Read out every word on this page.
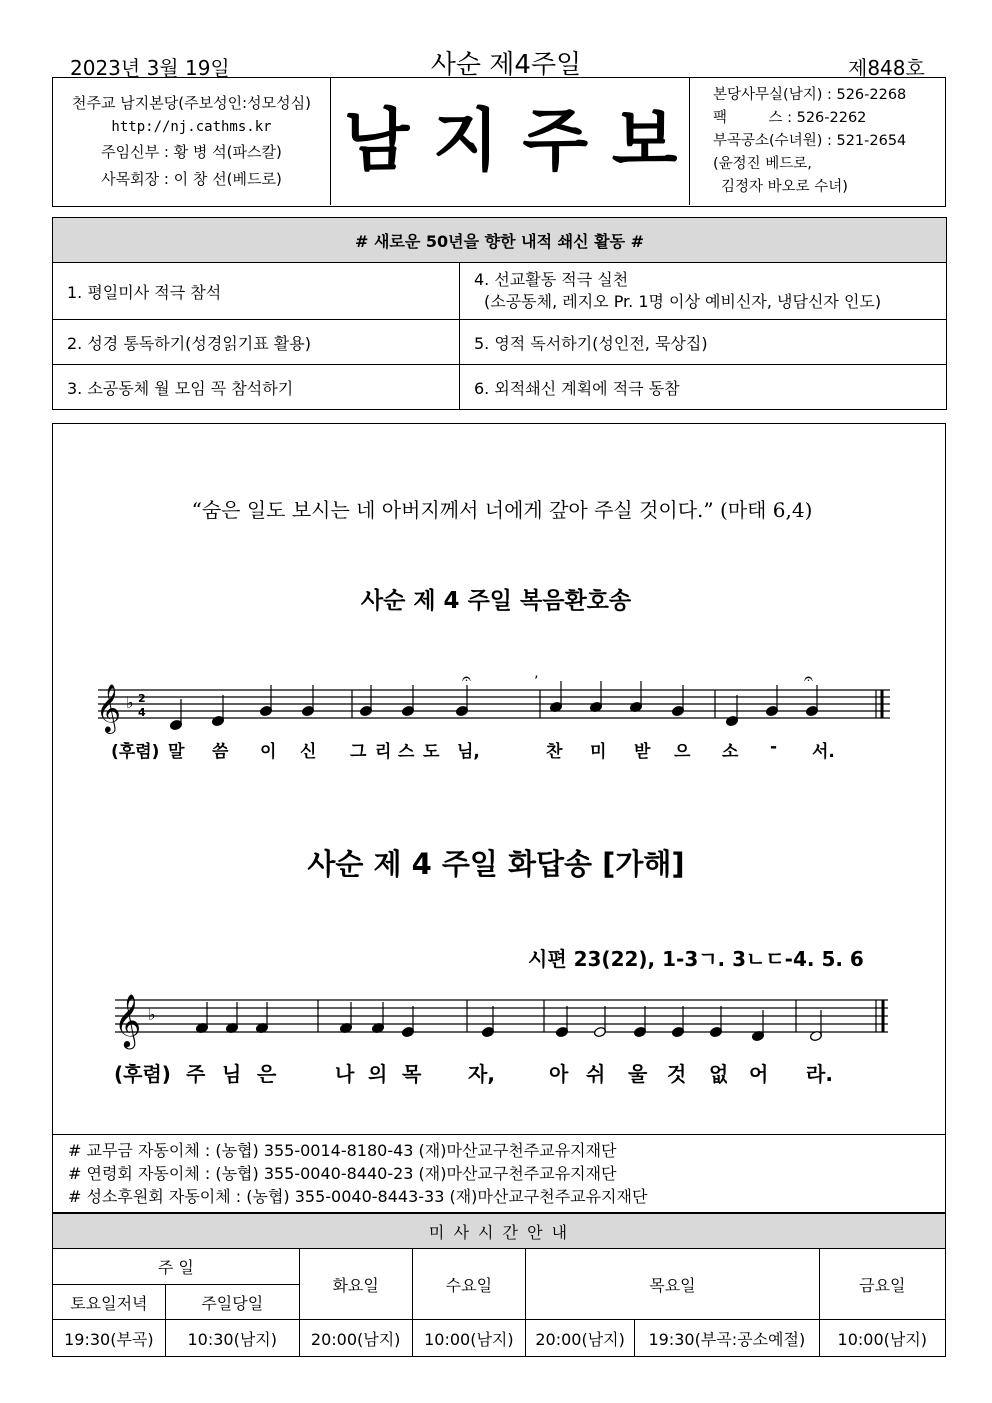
2023년 3월 19일	사순 제4주일	제848호
천주교 남지본당(주보성인:성모성심)
http://nj.cathms.kr
주임신부 : 황 병 석(파스칼)
사목회장 : 이 창 선(베드로) 남 지 주 보
본당사무실(남지) : 526-2268
팩         스 : 526-2262
부곡공소(수녀원) : 521-2654
(윤정진 베드로,
김정자 바오로 수녀)
# 새로운 50년을 향한 내적 쇄신 활동 #	
1. 평일미사 적극 참석	4. 선교활동 적극 실천
(소공동체, 레지오 Pr. 1명 이상 예비신자, 냉담신자 인도)

2. 성경 통독하기(성경읽기표 활용)	5. 영적 독서하기(성인전, 묵상집)
3. 소공동체 월 모임 꼭 참석하기	6. 외적쇄신 계획에 적극 동참
“숨은 일도 보시는 네 아버지께서 너에게 갚아 주실 것이다.” (마태 6,4)
사순 제 4 주일 복음환호송
𝄞 ♭ 2
4
𝄐	’	𝄐
(후렴) 말 씀 이 신 그 리 스 도 님,	찬 미 받 으 소 - 서.
사순 제 4 주일 화답송 [가해]
시편 23(22), 1-3ㄱ. 3ㄴㄷ-4. 5. 6
𝄞 ♭
(후렴) 주 님 은	나 의 목 자,	아 쉬 울 것 없 어 라.
# 교무금 자동이체 : (농협) 355-0014-8180-43 (재)마산교구천주교유지재단
# 연령회 자동이체 : (농협) 355-0040-8440-23 (재)마산교구천주교유지재단
# 성소후원회 자동이체 : (농협) 355-0040-8443-33 (재)마산교구천주교유지재단
미 사 시 간 안 내						
주 일		화요일	수요일	목요일		금요일
토요일저녁	주일당일					
19:30(부곡)	10:30(남지)	20:00(남지)	10:00(남지)	20:00(남지)	19:30(부곡:공소예절)	10:00(남지)
